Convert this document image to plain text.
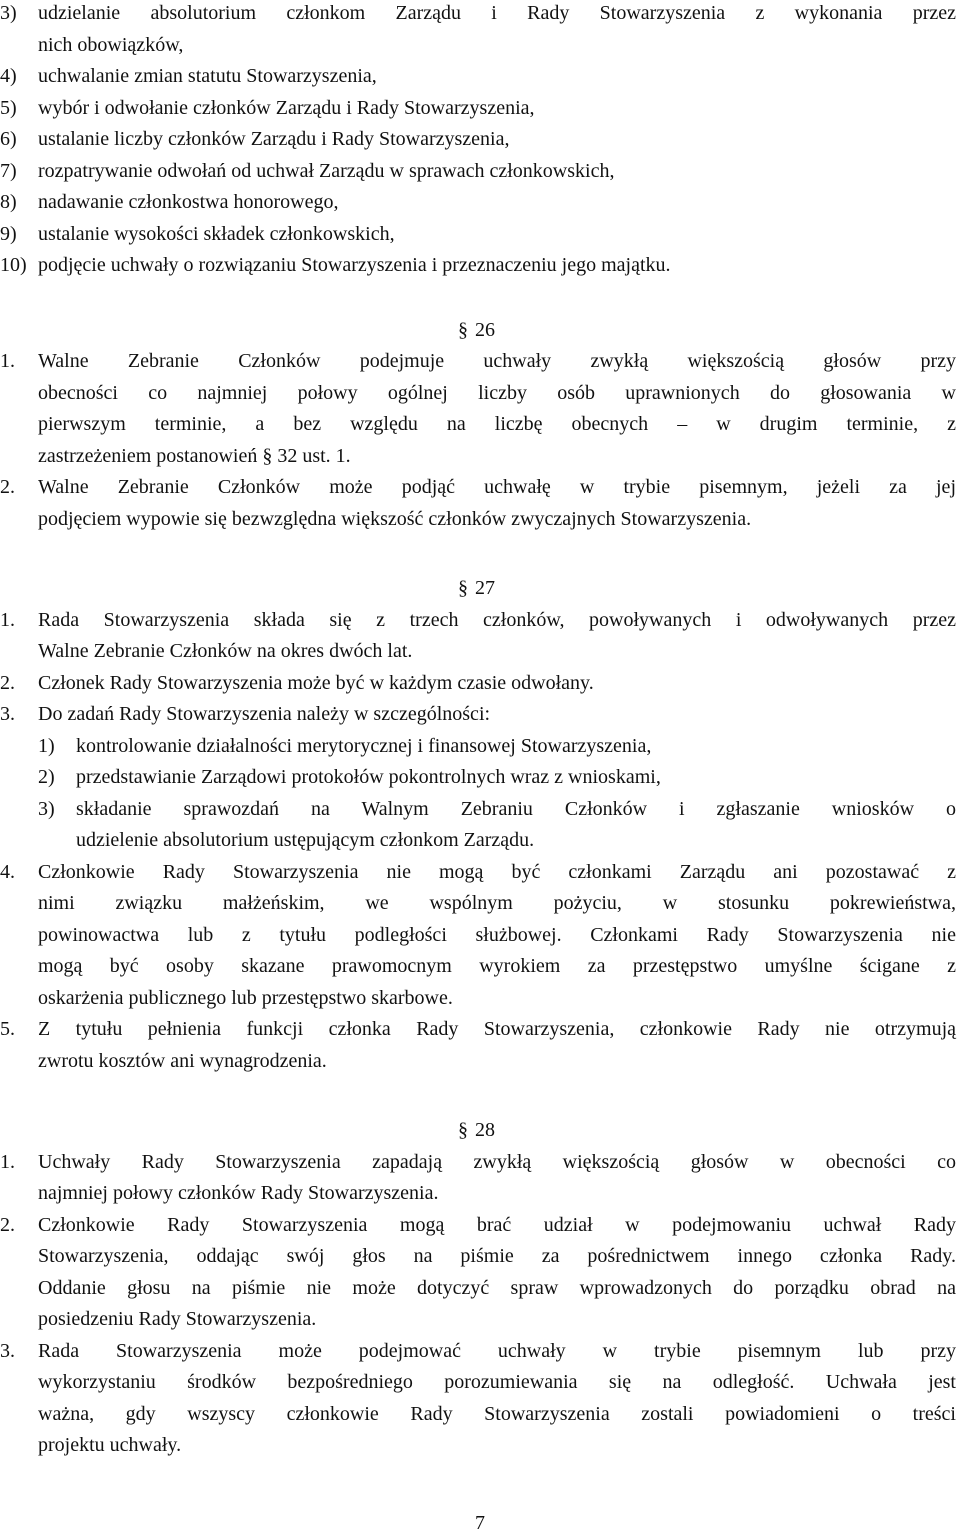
3) udzielanie absolutorium członkom Zarządu i Rady Stowarzyszenia z wykonania przez
nich obowiązków,
4) uchwalanie zmian statutu Stowarzyszenia,
5) wybór i odwołanie członków Zarządu i Rady Stowarzyszenia,
6) ustalanie liczby członków Zarządu i Rady Stowarzyszenia,
7) rozpatrywanie odwołań od uchwał Zarządu w sprawach członkowskich,
8) nadawanie członkostwa honorowego,
9) ustalanie wysokości składek członkowskich,
10) podjęcie uchwały o rozwiązaniu Stowarzyszenia i przeznaczeniu jego majątku.
§ 26
1. Walne Zebranie Członków podejmuje uchwały zwykłą większością głosów przy
obecności co najmniej połowy ogólnej liczby osób uprawnionych do głosowania w
pierwszym terminie, a bez względu na liczbę obecnych – w drugim terminie, z
zastrzeżeniem postanowień § 32 ust. 1.
2. Walne Zebranie Członków może podjąć uchwałę w trybie pisemnym, jeżeli za jej
podjęciem wypowie się bezwzględna większość członków zwyczajnych Stowarzyszenia.
§ 27
1. Rada Stowarzyszenia składa się z trzech członków, powoływanych i odwoływanych przez
Walne Zebranie Członków na okres dwóch lat.
2. Członek Rady Stowarzyszenia może być w każdym czasie odwołany.
3. Do zadań Rady Stowarzyszenia należy w szczególności:
1) kontrolowanie działalności merytorycznej i finansowej Stowarzyszenia,
2) przedstawianie Zarządowi protokołów pokontrolnych wraz z wnioskami,
3) składanie sprawozdań na Walnym Zebraniu Członków i zgłaszanie wniosków o
udzielenie absolutorium ustępującym członkom Zarządu.
4. Członkowie Rady Stowarzyszenia nie mogą być członkami Zarządu ani pozostawać z
nimi związku małżeńskim, we wspólnym pożyciu, w stosunku pokrewieństwa,
powinowactwa lub z tytułu podległości służbowej. Członkami Rady Stowarzyszenia nie
mogą być osoby skazane prawomocnym wyrokiem za przestępstwo umyślne ścigane z
oskarżenia publicznego lub przestępstwo skarbowe.
5. Z tytułu pełnienia funkcji członka Rady Stowarzyszenia, członkowie Rady nie otrzymują
zwrotu kosztów ani wynagrodzenia.
§ 28
1. Uchwały Rady Stowarzyszenia zapadają zwykłą większością głosów w obecności co
najmniej połowy członków Rady Stowarzyszenia.
2. Członkowie Rady Stowarzyszenia mogą brać udział w podejmowaniu uchwał Rady
Stowarzyszenia, oddając swój głos na piśmie za pośrednictwem innego członka Rady.
Oddanie głosu na piśmie nie może dotyczyć spraw wprowadzonych do porządku obrad na
posiedzeniu Rady Stowarzyszenia.
3. Rada Stowarzyszenia może podejmować uchwały w trybie pisemnym lub przy
wykorzystaniu środków bezpośredniego porozumiewania się na odległość. Uchwała jest
ważna, gdy wszyscy członkowie Rady Stowarzyszenia zostali powiadomieni o treści
projektu uchwały.
7
